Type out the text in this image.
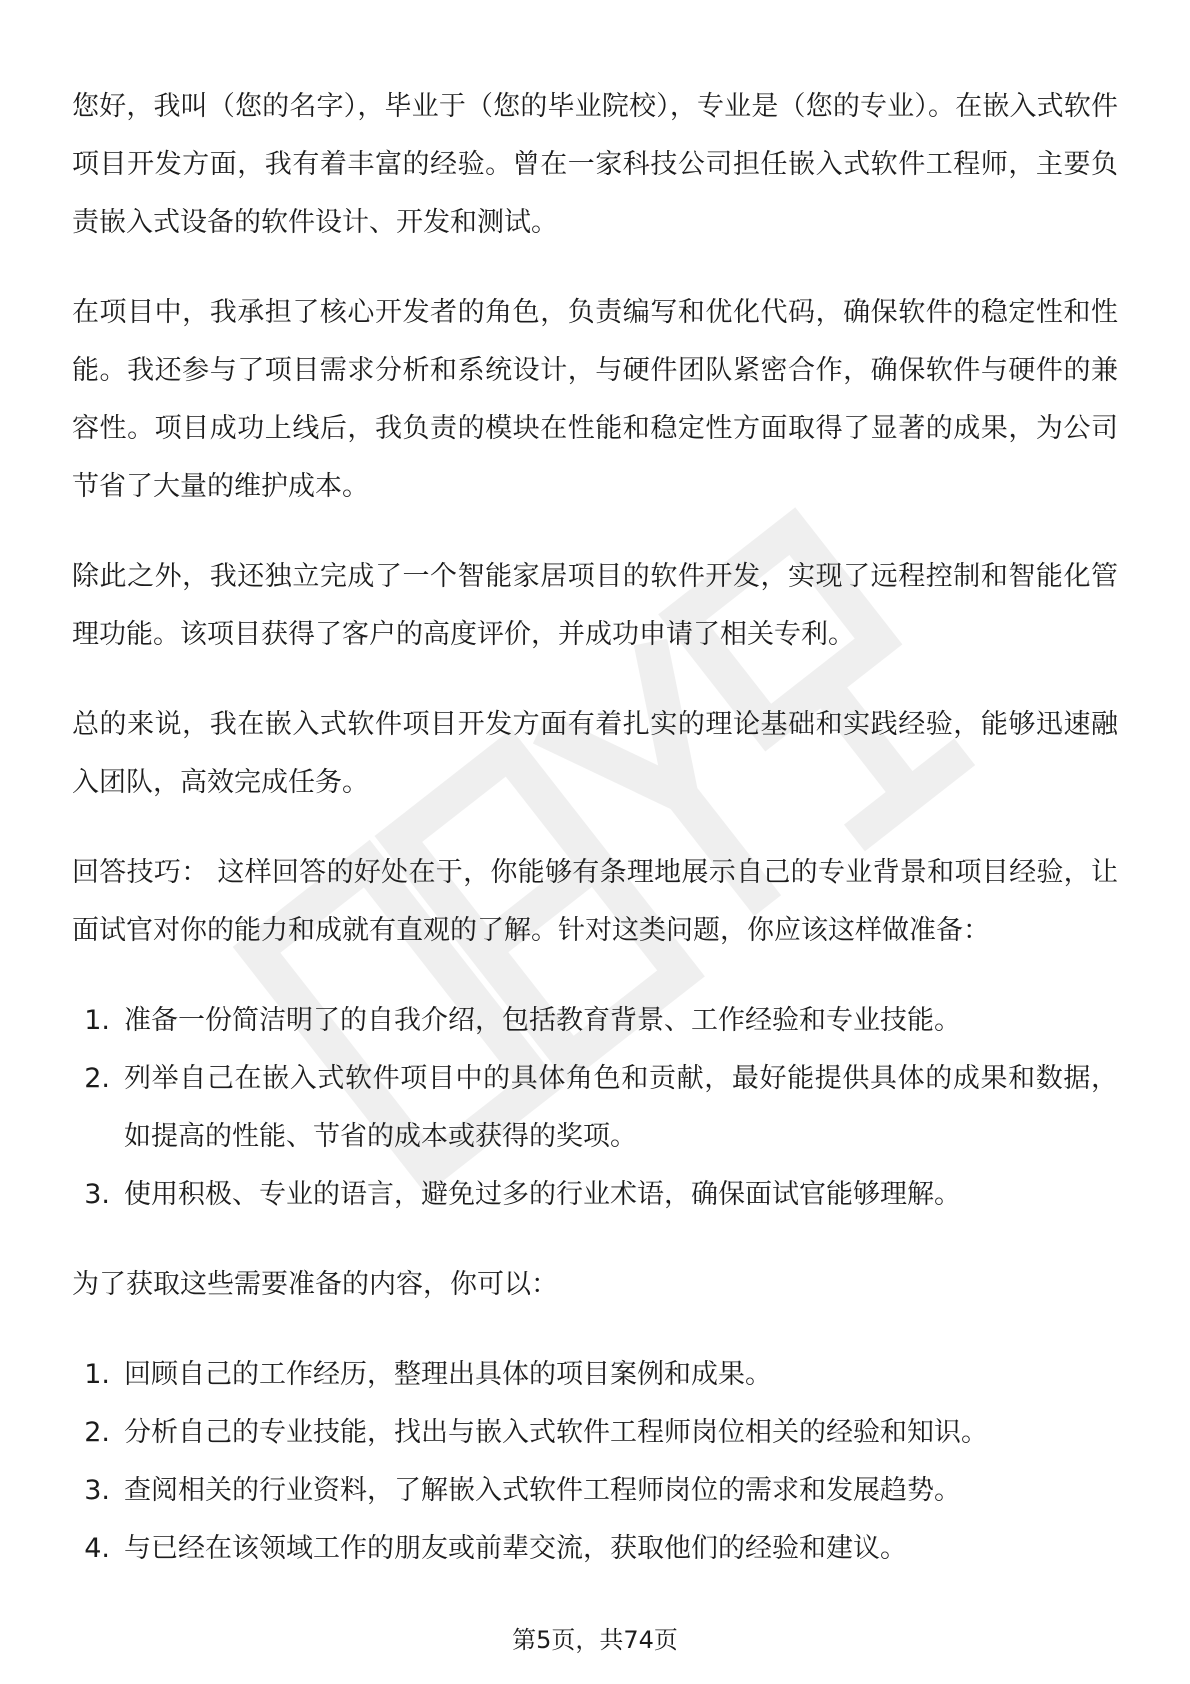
您好，我叫（您的名字），毕业于（您的毕业院校），专业是（您的专业）。在嵌入式软件项目开发方面，我有着丰富的经验。曾在一家科技公司担任嵌入式软件工程师，主要负责嵌入式设备的软件设计、开发和测试。

在项目中，我承担了核心开发者的角色，负责编写和优化代码，确保软件的稳定性和性能。我还参与了项目需求分析和系统设计，与硬件团队紧密合作，确保软件与硬件的兼容性。项目成功上线后，我负责的模块在性能和稳定性方面取得了显著的成果，为公司节省了大量的维护成本。

除此之外，我还独立完成了一个智能家居项目的软件开发，实现了远程控制和智能化管理功能。该项目获得了客户的高度评价，并成功申请了相关专利。

总的来说，我在嵌入式软件项目开发方面有着扎实的理论基础和实践经验，能够迅速融入团队，高效完成任务。

回答技巧： 这样回答的好处在于，你能够有条理地展示自己的专业背景和项目经验，让面试官对你的能力和成就有直观的了解。针对这类问题，你应该这样做准备：

1. 准备一份简洁明了的自我介绍，包括教育背景、工作经验和专业技能。
2. 列举自己在嵌入式软件项目中的具体角色和贡献，最好能提供具体的成果和数据，如提高的性能、节省的成本或获得的奖项。
3. 使用积极、专业的语言，避免过多的行业术语，确保面试官能够理解。

为了获取这些需要准备的内容，你可以：

1. 回顾自己的工作经历，整理出具体的项目案例和成果。
2. 分析自己的专业技能，找出与嵌入式软件工程师岗位相关的经验和知识。
3. 查阅相关的行业资料，了解嵌入式软件工程师岗位的需求和发展趋势。
4. 与已经在该领域工作的朋友或前辈交流，获取他们的经验和建议。
第5页，共74页
